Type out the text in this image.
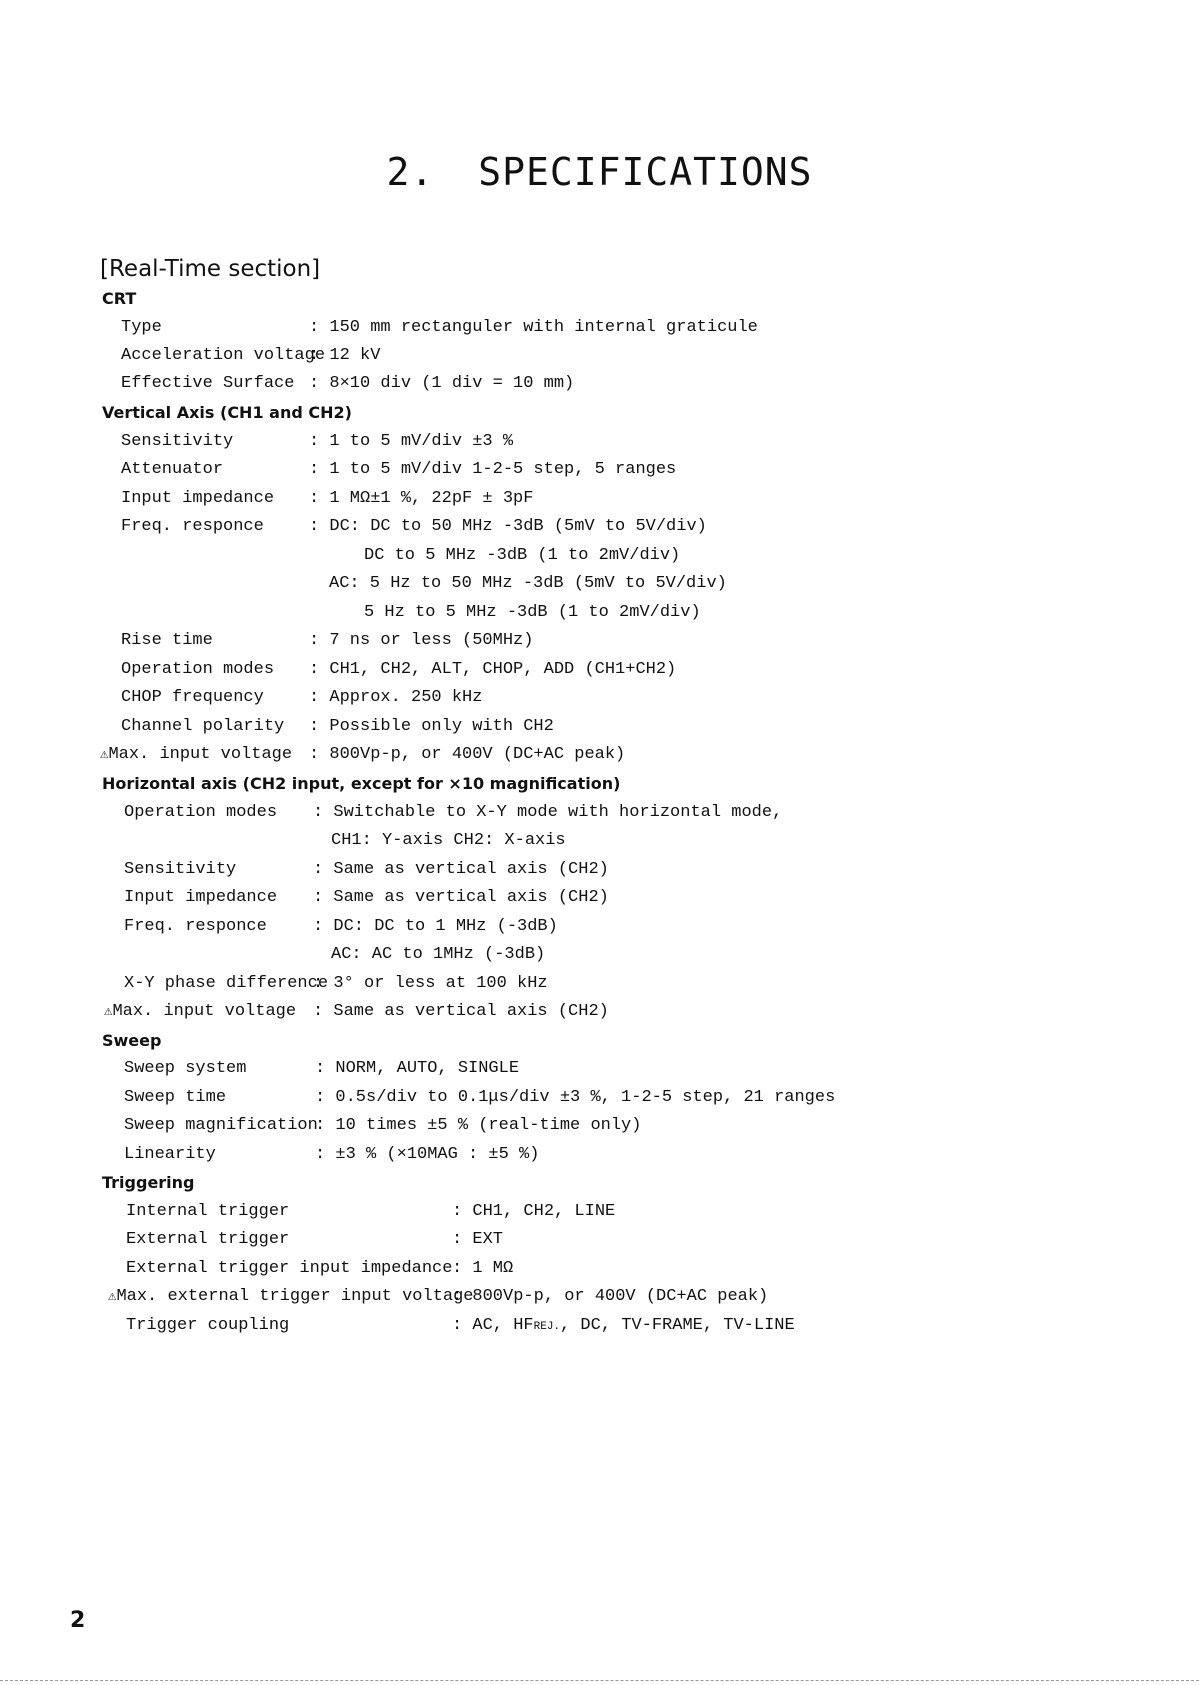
2. SPECIFICATIONS
[Real-Time section]
CRT
Type	: 150 mm rectanguler with internal graticule
Acceleration voltage
: 12 kV
Effective Surface : 8×10 div (1 div = 10 mm)
Vertical Axis (CH1 and CH2)
Sensitivity	: 1 to 5 mV/div ±3 %
Attenuator	: 1 to 5 mV/div 1-2-5 step, 5 ranges
Input impedance : 1 MΩ±1 %, 22pF ± 3pF
Freq. responce	: DC: DC to 50 MHz -3dB (5mV to 5V/div)
DC to 5 MHz -3dB (1 to 2mV/div)
AC: 5 Hz to 50 MHz -3dB (5mV to 5V/div)
5 Hz to 5 MHz -3dB (1 to 2mV/div)
Rise time	: 7 ns or less (50MHz)
Operation modes : CH1, CH2, ALT, CHOP, ADD (CH1+CH2)
CHOP frequency	: Approx. 250 kHz
Channel polarity : Possible only with CH2
⚠Max. input voltage : 800Vp-p, or 400V (DC+AC peak)
Horizontal axis (CH2 input, except for ×10 magnification)
Operation modes : Switchable to X-Y mode with horizontal mode,
CH1: Y-axis CH2: X-axis
Sensitivity	: Same as vertical axis (CH2)
Input impedance : Same as vertical axis (CH2)
Freq. responce	: DC: DC to 1 MHz (-3dB)
AC: AC to 1MHz (-3dB)
X-Y phase difference
: 3° or less at 100 kHz
⚠Max. input voltage : Same as vertical axis (CH2)
Sweep
Sweep system	: NORM, AUTO, SINGLE
Sweep time	: 0.5s/div to 0.1μs/div ±3 %, 1-2-5 step, 21 ranges
Sweep magnification
: 10 times ±5 % (real-time only)
Linearity	: ±3 % (×10MAG : ±5 %)
Triggering
Internal trigger	: CH1, CH2, LINE
External trigger	: EXT
External trigger input impedance : 1 MΩ
⚠Max. external trigger input voltage
: 800Vp-p, or 400V (DC+AC peak)
Trigger coupling	: AC, HFREJ., DC, TV-FRAME, TV-LINE
2
